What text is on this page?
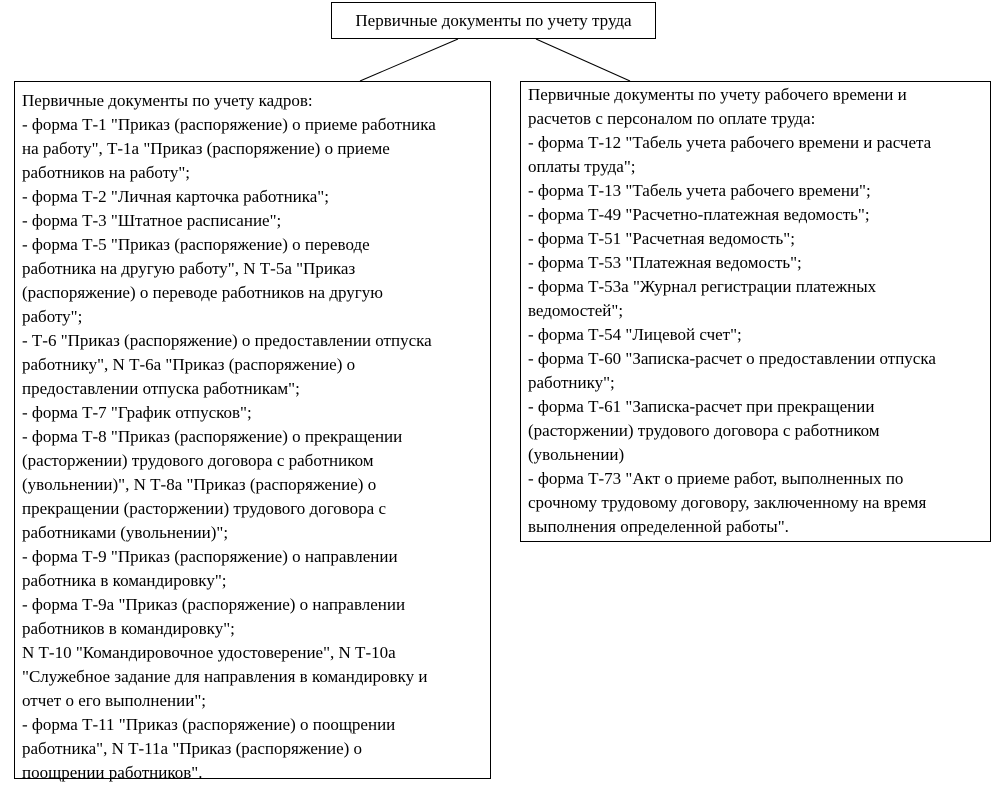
Первичные документы по учету труда
Первичные документы по учету кадров:
- форма Т-1 "Приказ (распоряжение) о приеме работника
на работу", Т-1а "Приказ (распоряжение) о приеме
работников на работу";
- форма Т-2 "Личная карточка работника";
- форма Т-3 "Штатное расписание";
- форма Т-5 "Приказ (распоряжение) о переводе
работника на другую работу", N Т-5а "Приказ
(распоряжение) о переводе работников на другую
работу";
- Т-6 "Приказ (распоряжение) о предоставлении отпуска
работнику", N Т-6а "Приказ (распоряжение) о
предоставлении отпуска работникам";
- форма Т-7 "График отпусков";
- форма Т-8 "Приказ (распоряжение) о прекращении
(расторжении) трудового договора с работником
(увольнении)", N Т-8а "Приказ (распоряжение) о
прекращении (расторжении) трудового договора с
работниками (увольнении)";
- форма Т-9 "Приказ (распоряжение) о направлении
работника в командировку";
- форма Т-9а "Приказ (распоряжение) о направлении
работников в командировку";
N Т-10 "Командировочное удостоверение", N Т-10а
"Служебное задание для направления в командировку и
отчет о его выполнении";
- форма Т-11 "Приказ (распоряжение) о поощрении
работника", N Т-11а "Приказ (распоряжение) о
поощрении работников".
Первичные документы по учету рабочего времени и
расчетов с персоналом по оплате труда:
- форма Т-12 "Табель учета рабочего времени и расчета
оплаты труда";
- форма Т-13 "Табель учета рабочего времени";
- форма Т-49 "Расчетно-платежная ведомость";
- форма Т-51 "Расчетная ведомость";
- форма Т-53 "Платежная ведомость";
- форма Т-53а "Журнал регистрации платежных
ведомостей";
- форма Т-54 "Лицевой счет";
- форма Т-60 "Записка-расчет о предоставлении отпуска
работнику";
- форма Т-61 "Записка-расчет при прекращении
(расторжении) трудового договора с работником
(увольнении)
- форма Т-73 "Акт о приеме работ, выполненных по
срочному трудовому договору, заключенному на время
выполнения определенной работы".
